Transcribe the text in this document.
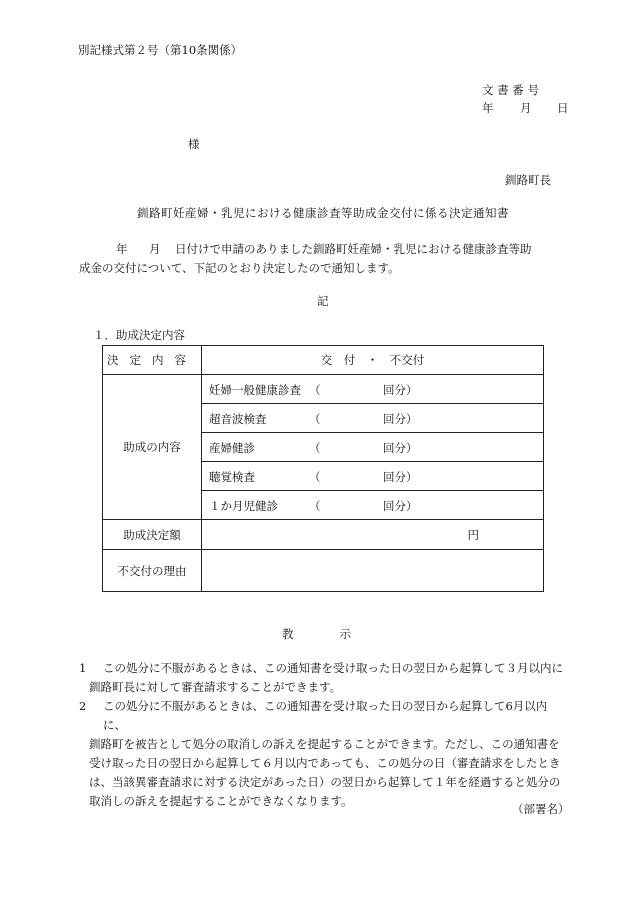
別記様式第２号（第10条関係）
文 書 番 号
年 月 日
様
釧路町長
釧路町妊産婦・乳児における健康診査等助成金交付に係る決定通知書
年 月 日付けで申請のありました釧路町妊産婦・乳児における健康診査等助
成金の交付について、下記のとおり決定したので通知します。
記
１．助成決定内容
決定内容	交　付　・　不交付
助成の内容	妊婦一般健康診査 （ 回分）

	超音波検査 （ 回分）

	産婦健診 （ 回分）

	聴覚検査 （ 回分）

	１か月児健診 （ 回分）

助成決定額	円
不交付の理由	
教　　　　示
1	この処分に不服があるときは、この通知書を受け取った日の翌日から起算して３月以内に
釧路町長に対して審査請求することができます。
2	この処分に不服があるときは、この通知書を受け取った日の翌日から起算して6月以内に、
釧路町を被告として処分の取消しの訴えを提起することができます。ただし、この通知書を
受け取った日の翌日から起算して６月以内であっても、この処分の日（審査請求をしたとき
は、当該異審査請求に対する決定があった日）の翌日から起算して１年を経過すると処分の
取消しの訴えを提起することができなくなります。
（部署名）
